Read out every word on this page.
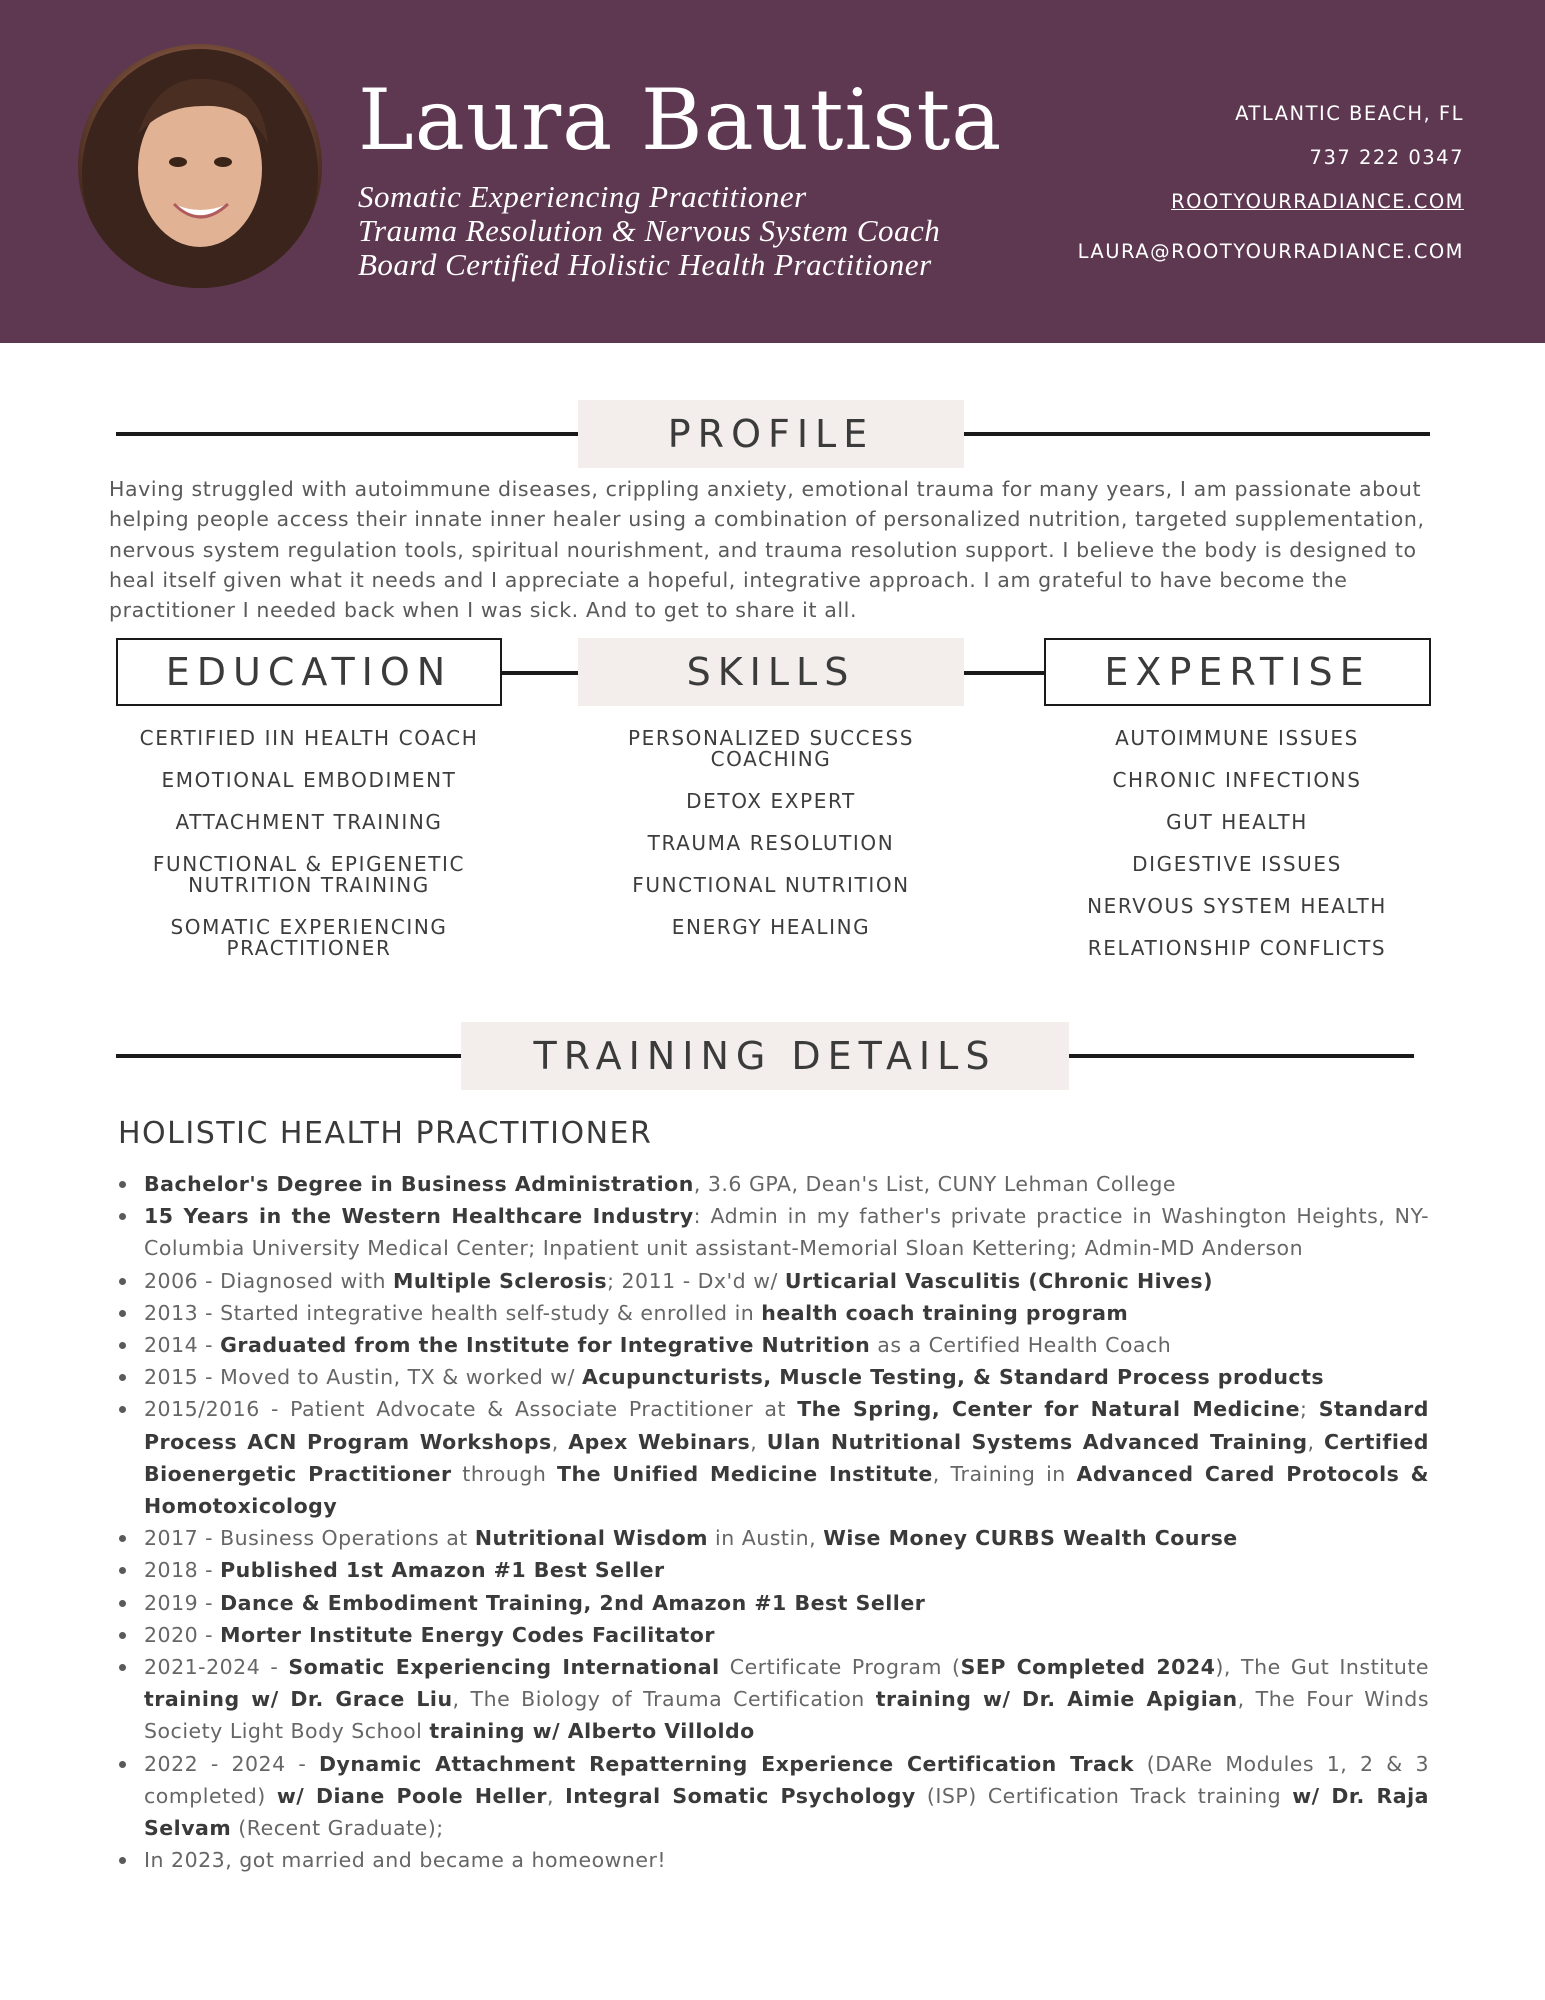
Laura Bautista
Somatic Experiencing Practitioner
Trauma Resolution & Nervous System Coach
Board Certified Holistic Health Practitioner
ATLANTIC BEACH, FL
737 222 0347
ROOTYOURRADIANCE.COM
LAURA@ROOTYOURRADIANCE.COM
PROFILE
Having struggled with autoimmune diseases, crippling anxiety, emotional trauma for many years, I am passionate about helping people access their innate inner healer using a combination of personalized nutrition, targeted supplementation, nervous system regulation tools, spiritual nourishment, and trauma resolution support. I believe the body is designed to heal itself given what it needs and I appreciate a hopeful, integrative approach. I am grateful to have become the practitioner I needed back when I was sick. And to get to share it all.
EDUCATION	SKILLS	EXPERTISE
CERTIFIED IIN HEALTH COACH
EMOTIONAL EMBODIMENT
ATTACHMENT TRAINING
FUNCTIONAL & EPIGENETIC NUTRITION TRAINING
SOMATIC EXPERIENCING PRACTITIONER
PERSONALIZED SUCCESS COACHING
DETOX EXPERT
TRAUMA RESOLUTION
FUNCTIONAL NUTRITION
ENERGY HEALING
AUTOIMMUNE ISSUES
CHRONIC INFECTIONS
GUT HEALTH
DIGESTIVE ISSUES
NERVOUS SYSTEM HEALTH
RELATIONSHIP CONFLICTS
TRAINING DETAILS
HOLISTIC HEALTH PRACTITIONER
Bachelor's Degree in Business Administration, 3.6 GPA, Dean's List, CUNY Lehman College
15 Years in the Western Healthcare Industry: Admin in my father's private practice in Washington Heights, NY-Columbia University Medical Center; Inpatient unit assistant-Memorial Sloan Kettering; Admin-MD Anderson
2006 - Diagnosed with Multiple Sclerosis; 2011 - Dx'd w/ Urticarial Vasculitis (Chronic Hives)
2013 - Started integrative health self-study & enrolled in health coach training program
2014 - Graduated from the Institute for Integrative Nutrition as a Certified Health Coach
2015 - Moved to Austin, TX & worked w/ Acupuncturists, Muscle Testing, & Standard Process products
2015/2016 - Patient Advocate & Associate Practitioner at The Spring, Center for Natural Medicine; Standard Process ACN Program Workshops, Apex Webinars, Ulan Nutritional Systems Advanced Training, Certified Bioenergetic Practitioner through The Unified Medicine Institute, Training in Advanced Cared Protocols & Homotoxicology
2017 - Business Operations at Nutritional Wisdom in Austin, Wise Money CURBS Wealth Course
2018 - Published 1st Amazon #1 Best Seller
2019 - Dance & Embodiment Training, 2nd Amazon #1 Best Seller
2020 - Morter Institute Energy Codes Facilitator
2021-2024 - Somatic Experiencing International Certificate Program (SEP Completed 2024), The Gut Institute training w/ Dr. Grace Liu, The Biology of Trauma Certification training w/ Dr. Aimie Apigian, The Four Winds Society Light Body School training w/ Alberto Villoldo
2022 - 2024 - Dynamic Attachment Repatterning Experience Certification Track (DARe Modules 1, 2 & 3 completed) w/ Diane Poole Heller, Integral Somatic Psychology (ISP) Certification Track training w/ Dr. Raja Selvam (Recent Graduate);
In 2023, got married and became a homeowner!
